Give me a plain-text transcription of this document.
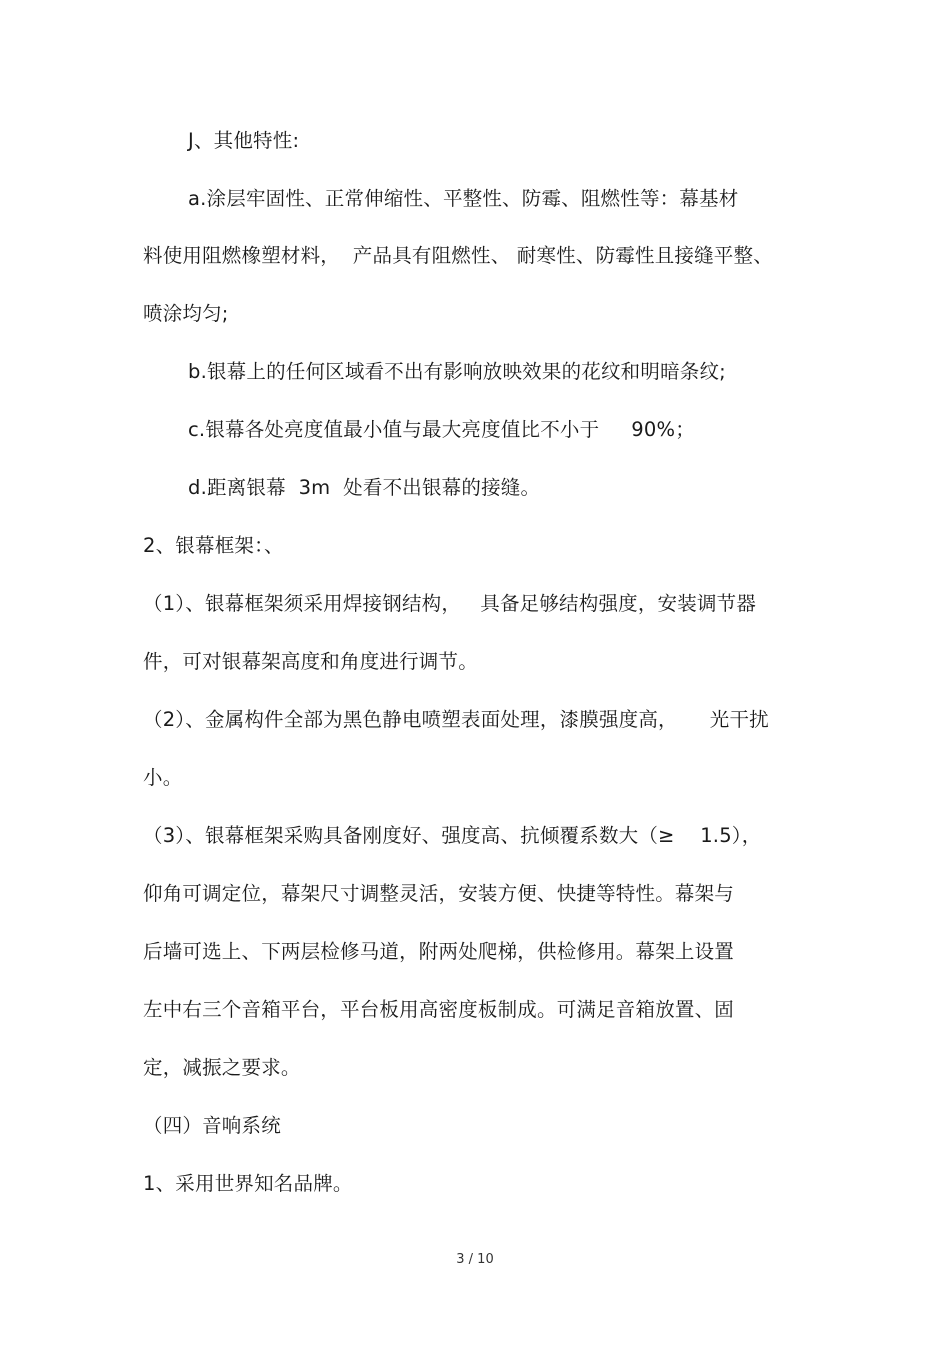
J、其他特性:
a.涂层牢固性、正常伸缩性、平整性、防霉、阻燃性等：幕基材
料使用阻燃橡塑材料，  产品具有阻燃性、 耐寒性、防霉性且接缝平整、
喷涂均匀;
b.银幕上的任何区域看不出有影响放映效果的花纹和明暗条纹;
c.银幕各处亮度值最小值与最大亮度值比不小于     90%；
d.距离银幕  3m  处看不出银幕的接缝。
2、银幕框架：、
（1）、银幕框架须采用焊接钢结构，   具备足够结构强度，安装调节器
件，可对银幕架高度和角度进行调节。
（2）、金属构件全部为黑色静电喷塑表面处理，漆膜强度高，     光干扰
小。
（3）、银幕框架采购具备刚度好、强度高、抗倾覆系数大（≥    1.5），
仰角可调定位，幕架尺寸调整灵活，安装方便、快捷等特性。幕架与
后墙可选上、下两层检修马道，附两处爬梯，供检修用。幕架上设置
左中右三个音箱平台，平台板用高密度板制成。可满足音箱放置、固
定，减振之要求。
（四）音响系统
1、采用世界知名品牌。
3 / 10
